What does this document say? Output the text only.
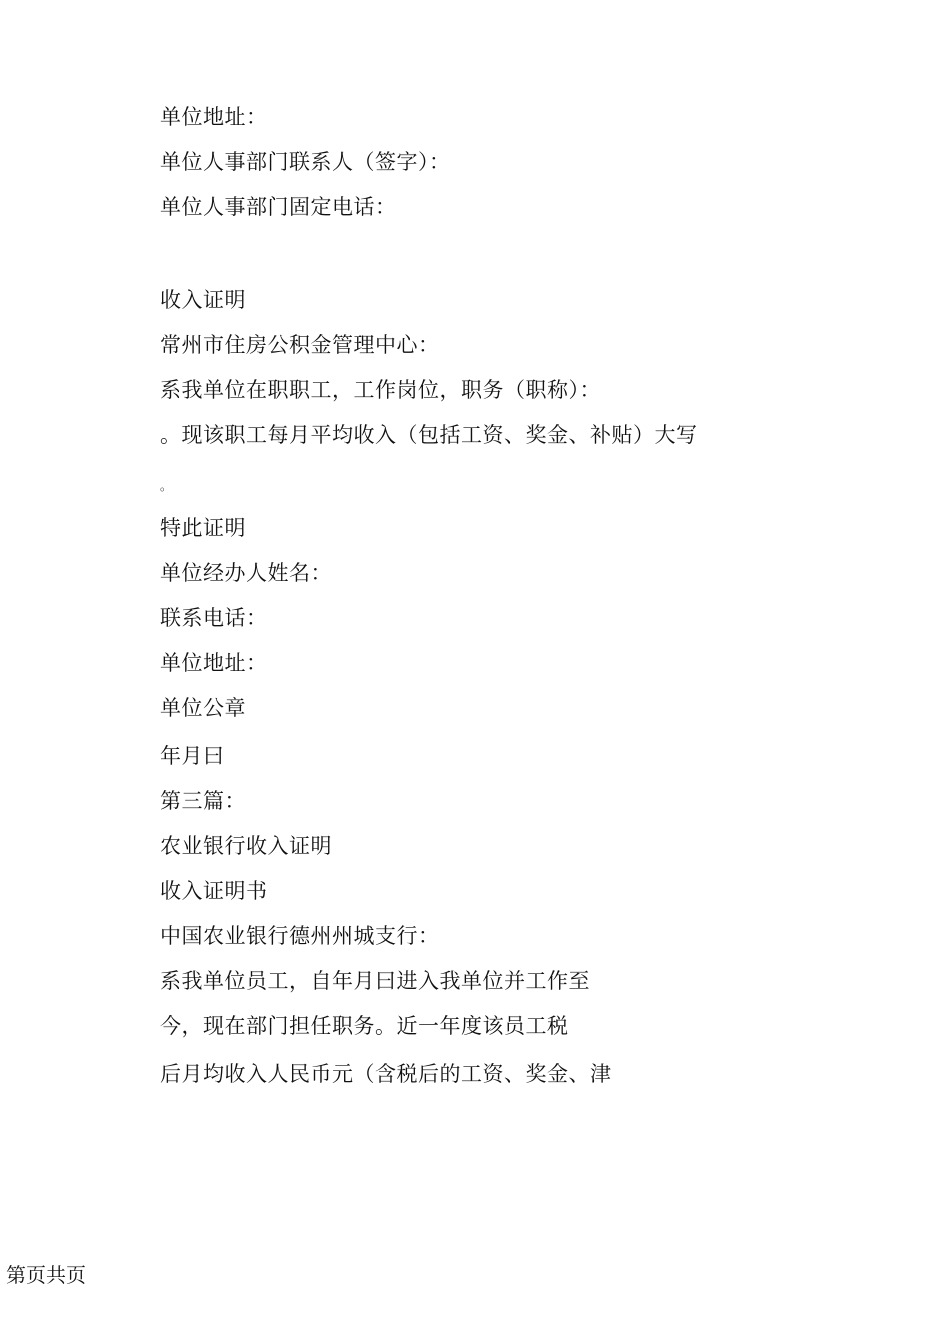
单位地址：
单位人事部门联系人（签字）：
单位人事部门固定电话：
收入证明
常州市住房公积金管理中心：
系我单位在职职工，工作岗位，职务（职称）：
。现该职工每月平均收入（包括工资、奖金、补贴）大写
。
特此证明
单位经办人姓名：
联系电话：
单位地址：
单位公章
年月曰
第三篇：
农业银行收入证明
收入证明书
中国农业银行德州州城支行：
系我单位员工，自年月曰进入我单位并工作至
今，现在部门担任职务。近一年度该员工税
后月均收入人民币元（含税后的工资、奖金、津
第页共页
